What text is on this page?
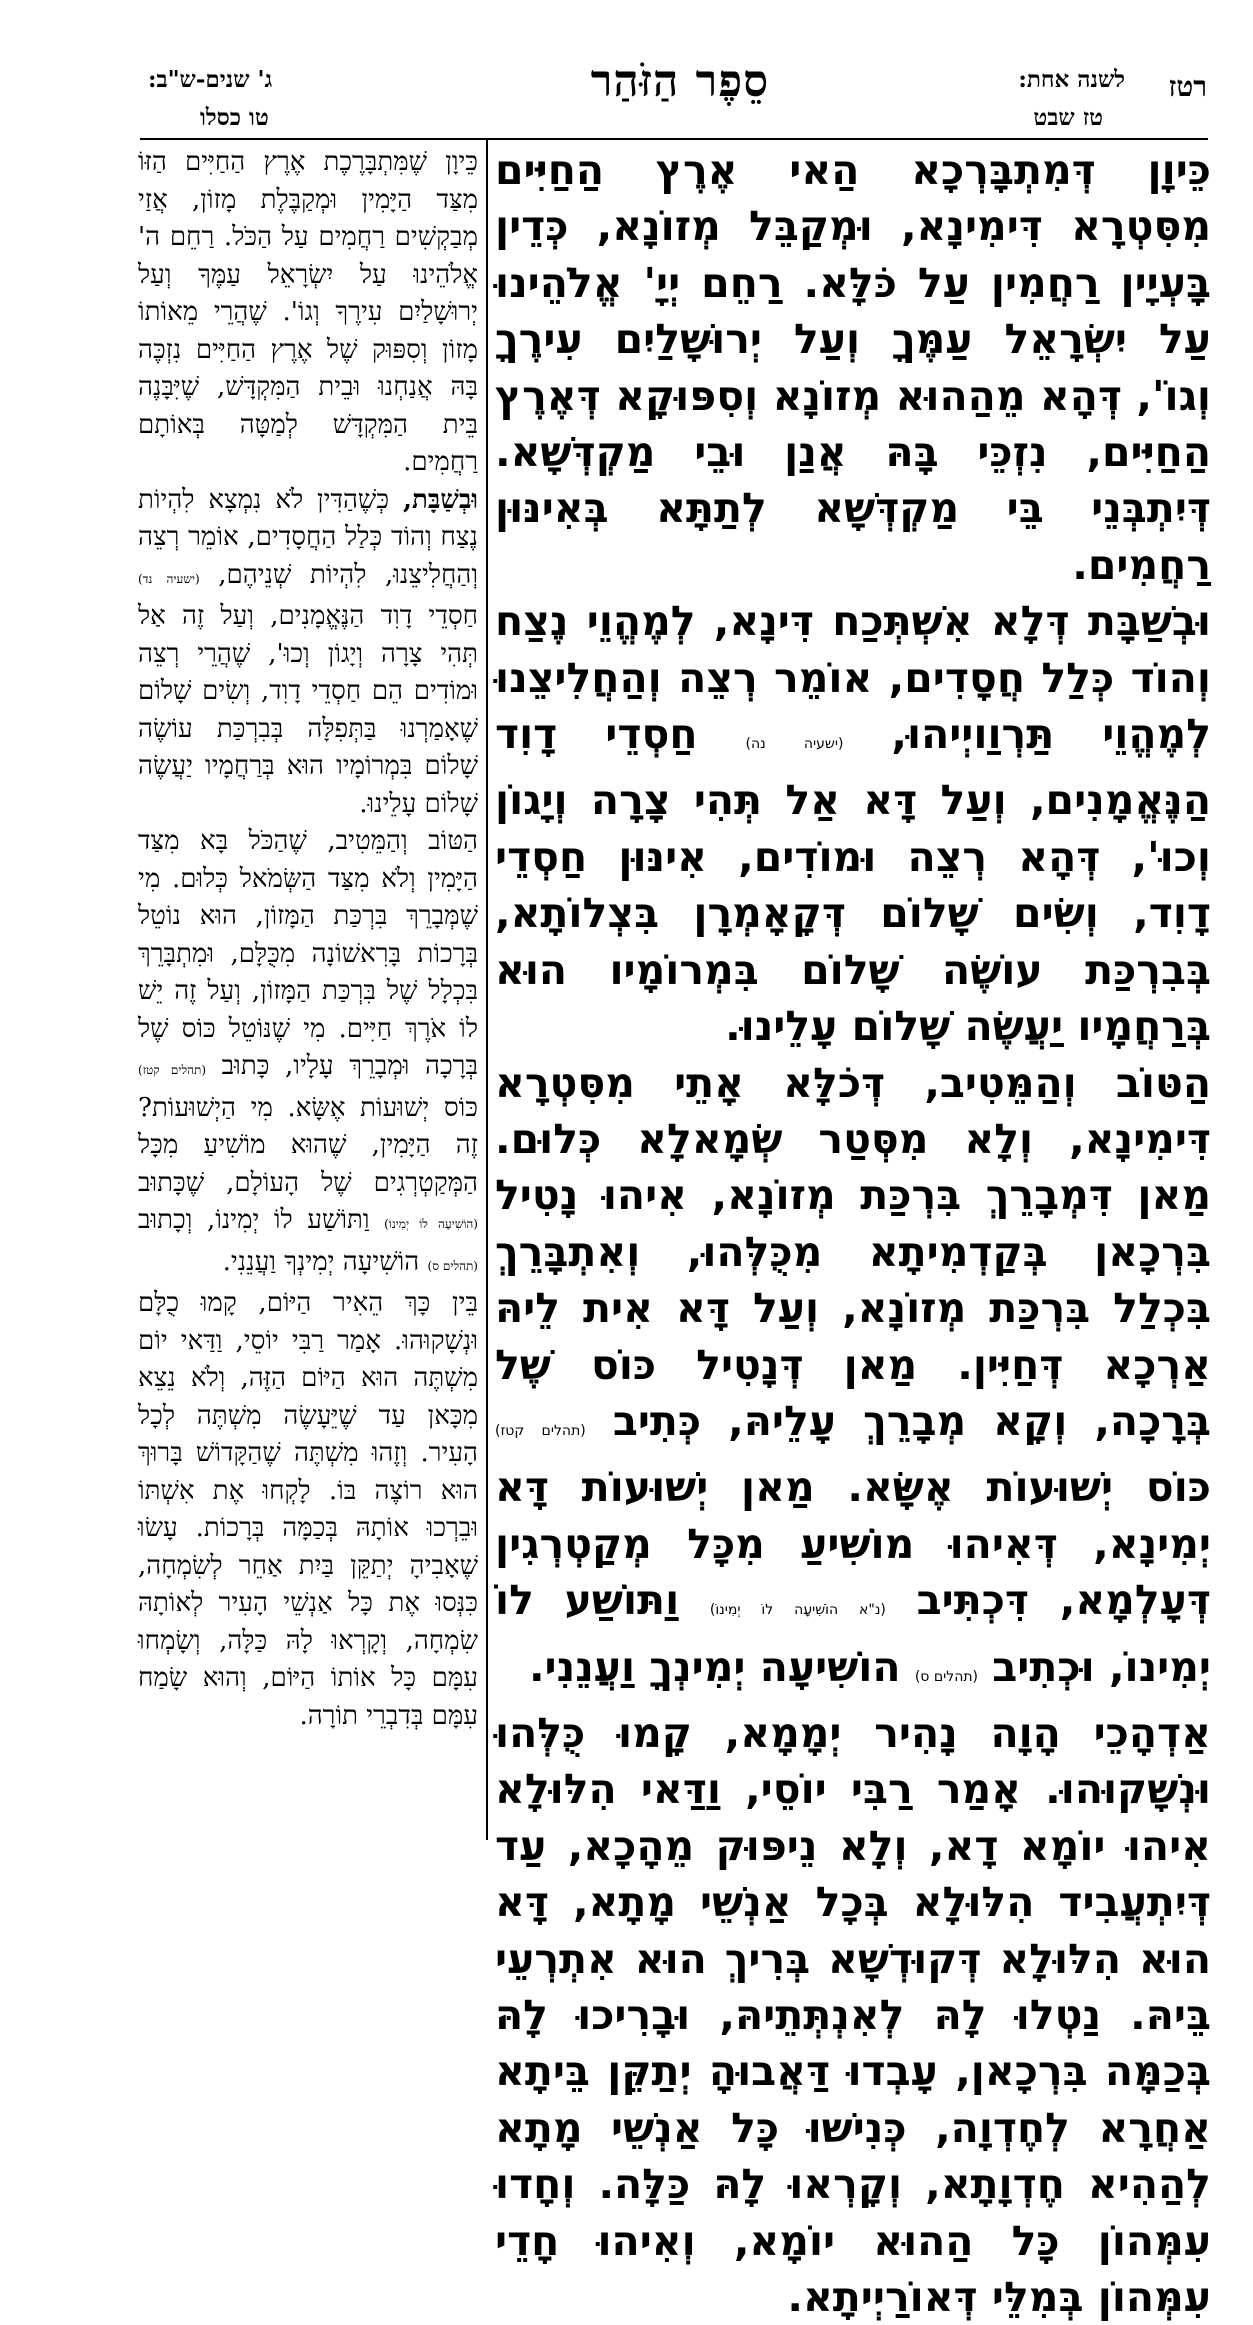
רטז
לשנה אחת:
טז שבט
סֵפֶר הַזֹּהַר
ג' שנים-ש"ב:
טו כסלו

כֵּיוָן דְּמִתְבָּרְכָא הַאי אֶרֶץ הַחַיִּים מִסִּטְרָא דִּימִינָא, וּמְקַבֵּל מְזוֹנָא, כְּדֵין בָּעְיָין רַחֲמִין עַל כֹּלָּא. רַחֵם יְיָ' אֱלֹהֵינוּ עַל יִשְׂרָאֵל עַמֶּךָ וְעַל יְרוּשָׁלַיִם עִירֶךָ וְגוֹ', דְּהָא מֵהַהוּא מְזוֹנָא וְסִפּוּקָא דְּאֶרֶץ הַחַיִּים, נִזְכֵּי בָּהּ אֲנַן וּבֵי מַקְדְּשָׁא. דְּיִתְבְּנֵי בֵּי מַקְדְּשָׁא לְתַתָּא בְּאִינּוּן רַחֲמִים.

וּבְשַׁבָּת דְּלָא אִשְׁתְּכַח דִּינָא, לְמֶהֱוֵי נֶצַח וְהוֹד כְּלַל חֲסָדִים, אוֹמֵר רְצֵה וְהַחֲלִיצֵנוּ לְמֶהֱוֵי תַּרְוַויְיהוּ, (ישעיה נה) חַסְדֵי דָוִד הַנֶּאֱמָנִים, וְעַל דָּא אַל תְּהִי צָרָה וְיָגוֹן וְכוּ', דְּהָא רְצֵה וּמוֹדִים, אִינּוּן חַסְדֵי דָוִד, וְשִׂים שָׁלוֹם דְּקָאָמְרָן בִּצְלוֹתָא, בְּבִרְכַּת עוֹשֶׂה שָׁלוֹם בִּמְרוֹמָיו הוּא בְּרַחֲמָיו יַעֲשֶׂה שָׁלוֹם עָלֵינוּ.

הַטּוֹב וְהַמֵּטִיב, דְּכֹלָּא אָתֵי מִסִּטְרָא דִּימִינָא, וְלָא מִסְּטַר שְׂמָאלָא כְּלוּם. מַאן דִּמְבָרֵךְ בִּרְכַּת מְזוֹנָא, אִיהוּ נָטִיל בִּרְכָאן בְּקַדְמִיתָא מִכֻּלְּהוּ, וְאִתְבָּרֵךְ בִּכְלַל בִּרְכַּת מְזוֹנָא, וְעַל דָּא אִית לֵיהּ אַרְכָא דְּחַיִּין. מַאן דְּנָטִיל כּוֹס שֶׁל בְּרָכָה, וְקָא מְבָרֵךְ עָלֵיהּ, כְּתִיב (תהלים קטז) כּוֹס יְשׁוּעוֹת אֶשָּׂא. מַאן יְשׁוּעוֹת דָּא יְמִינָא, דְּאִיהוּ מוֹשִׁיעַ מִכָּל מְקַטְרְגִין דְּעָלְמָא, דִּכְתִּיב (נ"א הוֹשִׁיעָה לוֹ יְמִינוֹ) וַתּוֹשַׁע לוֹ יְמִינוֹ, וּכְתִיב (תהלים ס) הוֹשִׁיעָה יְמִינְךָ וַעֲנֵנִי.

אַדְהָכֵי הָוָה נָהִיר יְמָמָא, קָמוּ כֻּלְּהוּ וּנְשָׁקוּהוּ. אָמַר רַבִּי יוֹסֵי, וַדַּאי הִלּוּלָא אִיהוּ יוֹמָא דָא, וְלָא נֵיפּוּק מֵהָכָא, עַד דְּיִתְעֲבִיד הִלּוּלָא בְּכָל אַנְשֵׁי מָתָא, דָּא הוּא הִלּוּלָא דְּקוּדְשָׁא בְּרִיךְ הוּא אִתְרְעֵי בֵּיהּ. נַטְלוּ לָהּ לְאִנְתְּתֵיהּ, וּבָרִיכוּ לָהּ בְּכַמָּה בִּרְכָאן, עָבְדוּ דַּאֲבוּהָ יְתַקֵּן בֵּיתָא אַחֲרָא לְחֶדְוָה, כְּנִישׁוּ כָּל אַנְשֵׁי מָתָא לְהַהִיא חֶדְוָתָא, וְקָרְאוּ לָהּ כַּלָּה. וְחָדוּ עִמְּהוֹן כָּל הַהוּא יוֹמָא, וְאִיהוּ חָדֵי עִמְּהוֹן בְּמִלֵּי דְּאוֹרַיְיתָא.

כֵּיוָן שֶׁמִּתְבָּרֶכֶת אֶרֶץ הַחַיִּים הַזּוֹ מִצַּד הַיָּמִין וּמְקַבֶּלֶת מָזוֹן, אֲזַי מְבַקְשִׁים רַחֲמִים עַל הַכֹּל. רַחֵם ה' אֱלֹהֵינוּ עַל יִשְׂרָאֵל עַמֶּךָ וְעַל יְרוּשָׁלַיִם עִירֶךָ וְגוֹ'. שֶׁהֲרֵי מֵאוֹתוֹ מָזוֹן וְסִפּוּק שֶׁל אֶרֶץ הַחַיִּים נִזְכֶּה בָּהּ אֲנַחְנוּ וּבֵית הַמִּקְדָּשׁ, שֶׁיִּבָּנֶה בֵּית הַמִּקְדָּשׁ לְמַטָּה בְּאוֹתָם רַחֲמִים.

וּבְשַׁבָּת, כְּשֶׁהַדִּין לֹא נִמְצָא לִהְיוֹת נֶצַח וְהוֹד כְּלַל הַחֲסָדִים, אוֹמֵר רְצֵה וְהַחֲלִיצֵנוּ, לִהְיוֹת שְׁנֵיהֶם, (ישעיה נד) חַסְדֵי דָוִד הַנֶּאֱמָנִים, וְעַל זֶה אַל תְּהִי צָרָה וְיָגוֹן וְכוּ', שֶׁהֲרֵי רְצֵה וּמוֹדִים הֵם חַסְדֵי דָוִד, וְשִׂים שָׁלוֹם שֶׁאָמַרְנוּ בַּתְּפִלָּה בְּבִרְכַּת עוֹשֶׂה שָׁלוֹם בִּמְרוֹמָיו הוּא בְּרַחֲמָיו יַעֲשֶׂה שָׁלוֹם עָלֵינוּ.

הַטּוֹב וְהַמֵּטִיב, שֶׁהַכֹּל בָּא מִצַּד הַיָּמִין וְלֹא מִצַּד הַשְּׂמֹאל כְּלוּם. מִי שֶׁמְּבָרֵךְ בִּרְכַּת הַמָּזוֹן, הוּא נוֹטֵל בְּרָכוֹת בָּרִאשׁוֹנָה מִכֻּלָּם, וּמִתְבָּרֵךְ בִּכְלָל שֶׁל בִּרְכַּת הַמָּזוֹן, וְעַל זֶה יֵשׁ לוֹ אֹרֶךְ חַיִּים. מִי שֶׁנּוֹטֵל כּוֹס שֶׁל בְּרָכָה וּמְבָרֵךְ עָלָיו, כָּתוּב (תהלים קטז) כּוֹס יְשׁוּעוֹת אֶשָּׂא. מִי הַיְשׁוּעוֹת? זֶה הַיָּמִין, שֶׁהוּא מוֹשִׁיעַ מִכָּל הַמְּקַטְרְגִים שֶׁל הָעוֹלָם, שֶׁכָּתוּב (הוֹשִׁיעָה לוֹ יְמִינוֹ) וַתּוֹשַׁע לוֹ יְמִינוֹ, וְכָתוּב (תהלים ס) הוֹשִׁיעָה יְמִינְךָ וַעֲנֵנִי.

בֵּין כָּךְ הֵאִיר הַיּוֹם, קָמוּ כֻלָּם וּנְשָׁקוּהוּ. אָמַר רַבִּי יוֹסֵי, וַדַּאי יוֹם מִשְׁתֶּה הוּא הַיּוֹם הַזֶּה, וְלֹא נֵצֵא מִכָּאן עַד שֶׁיֵּעָשֶׂה מִשְׁתֶּה לְכָל הָעִיר. וְזֶהוּ מִשְׁתֶּה שֶׁהַקָּדוֹשׁ בָּרוּךְ הוּא רוֹצֶה בּוֹ. לָקְחוּ אֶת אִשְׁתּוֹ וּבֵרְכוּ אוֹתָהּ בְּכַמָּה בְּרָכוֹת. עָשׂוּ שֶׁאָבִיהָ יְתַקֵּן בַּיִת אַחֵר לְשִׂמְחָה, כִּנְּסוּ אֶת כָּל אַנְשֵׁי הָעִיר לְאוֹתָהּ שִׂמְחָה, וְקָרְאוּ לָהּ כַּלָּה, וְשָׂמְחוּ עִמָּם כָּל אוֹתוֹ הַיּוֹם, וְהוּא שָׂמַח עִמָּם בְּדִבְרֵי תוֹרָה.
